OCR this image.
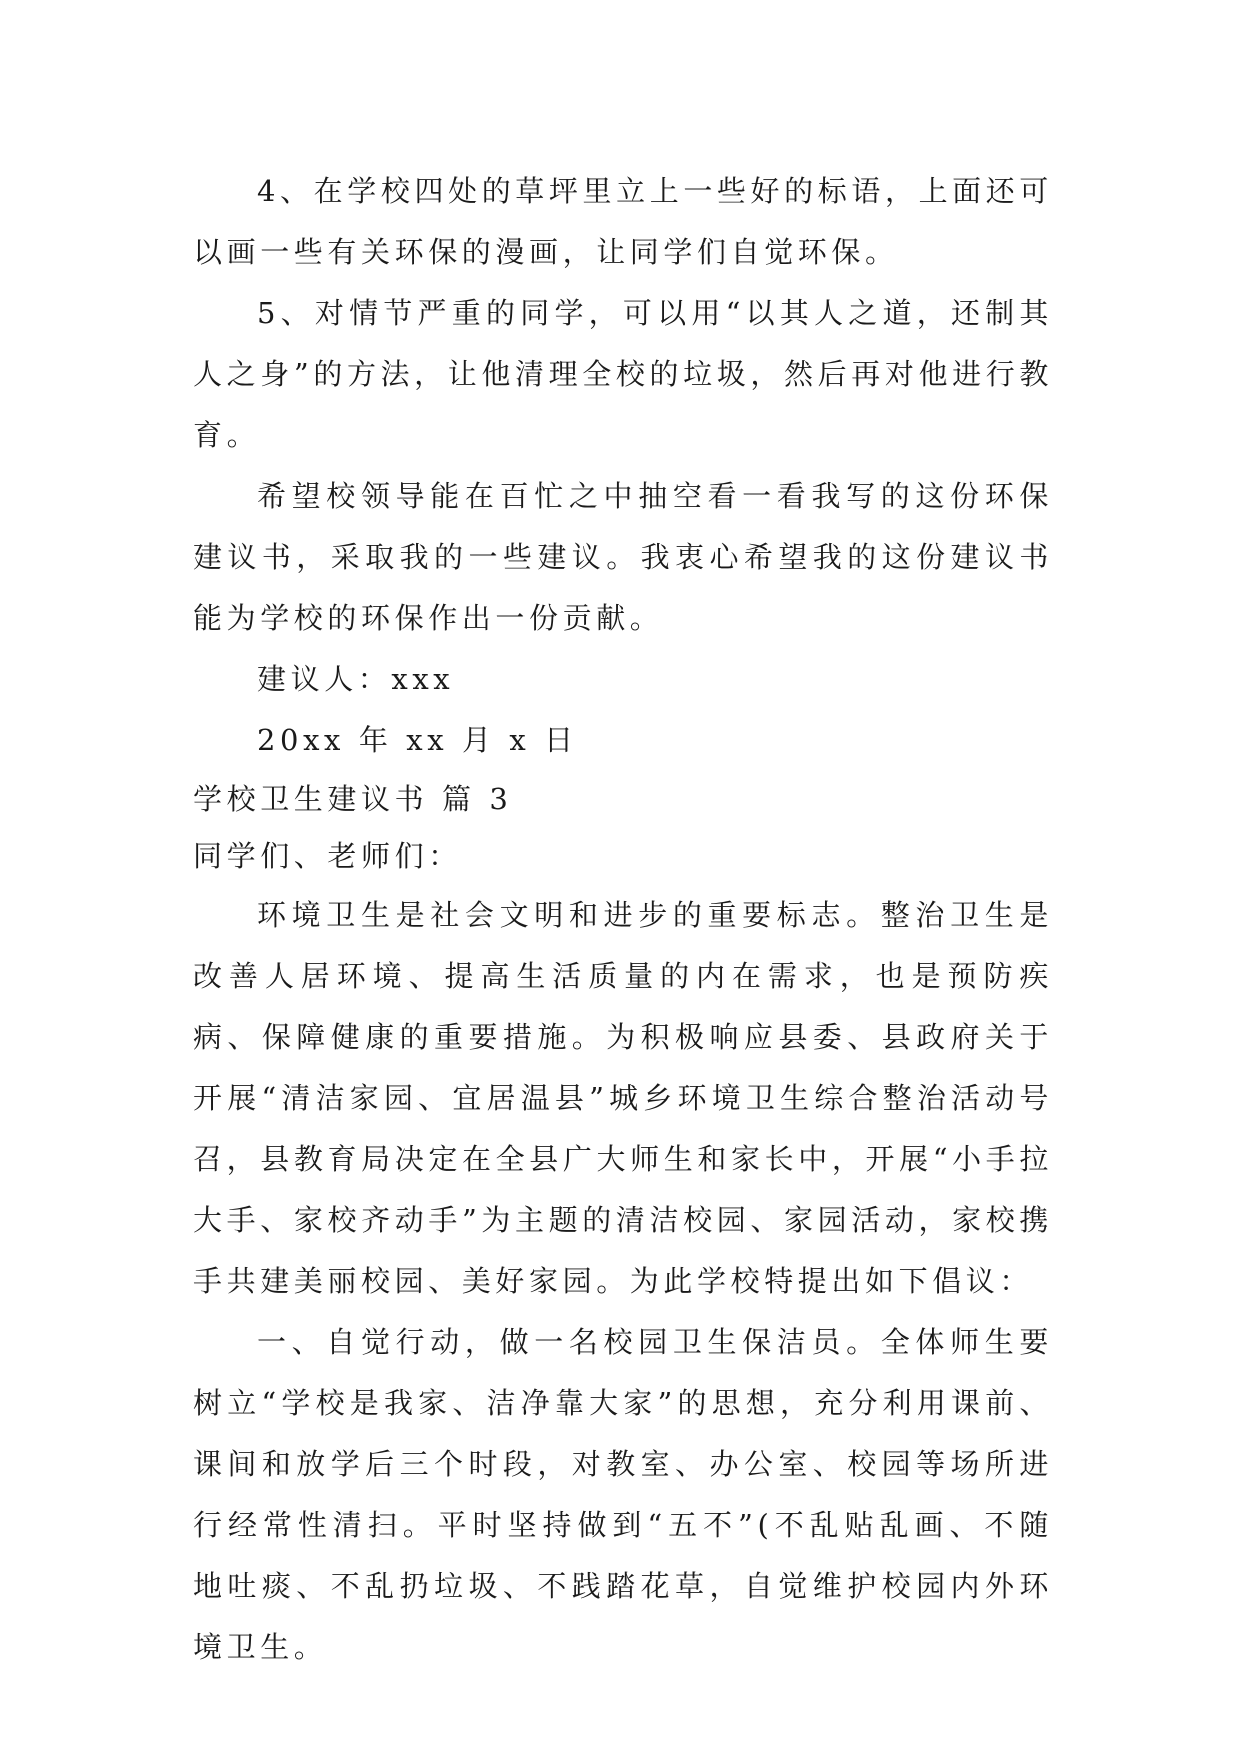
4、在学校四处的草坪里立上一些好的标语，上面还可以画一些有关环保的漫画，让同学们自觉环保。

5、对情节严重的同学，可以用“以其人之道，还制其人之身”的方法，让他清理全校的垃圾，然后再对他进行教育。

希望校领导能在百忙之中抽空看一看我写的这份环保建议书，采取我的一些建议。我衷心希望我的这份建议书能为学校的环保作出一份贡献。

建议人：xxx

20xx 年 xx 月 x 日

学校卫生建议书 篇 3

同学们、老师们：

环境卫生是社会文明和进步的重要标志。整治卫生是改善人居环境、提高生活质量的内在需求，也是预防疾病、保障健康的重要措施。为积极响应县委、县政府关于开展“清洁家园、宜居温县”城乡环境卫生综合整治活动号召，县教育局决定在全县广大师生和家长中，开展“小手拉大手、家校齐动手”为主题的清洁校园、家园活动，家校携手共建美丽校园、美好家园。为此学校特提出如下倡议：

一、自觉行动，做一名校园卫生保洁员。全体师生要树立“学校是我家、洁净靠大家”的思想，充分利用课前、课间和放学后三个时段，对教室、办公室、校园等场所进行经常性清扫。平时坚持做到“五不”(不乱贴乱画、不随地吐痰、不乱扔垃圾、不践踏花草，自觉维护校园内外环境卫生。
